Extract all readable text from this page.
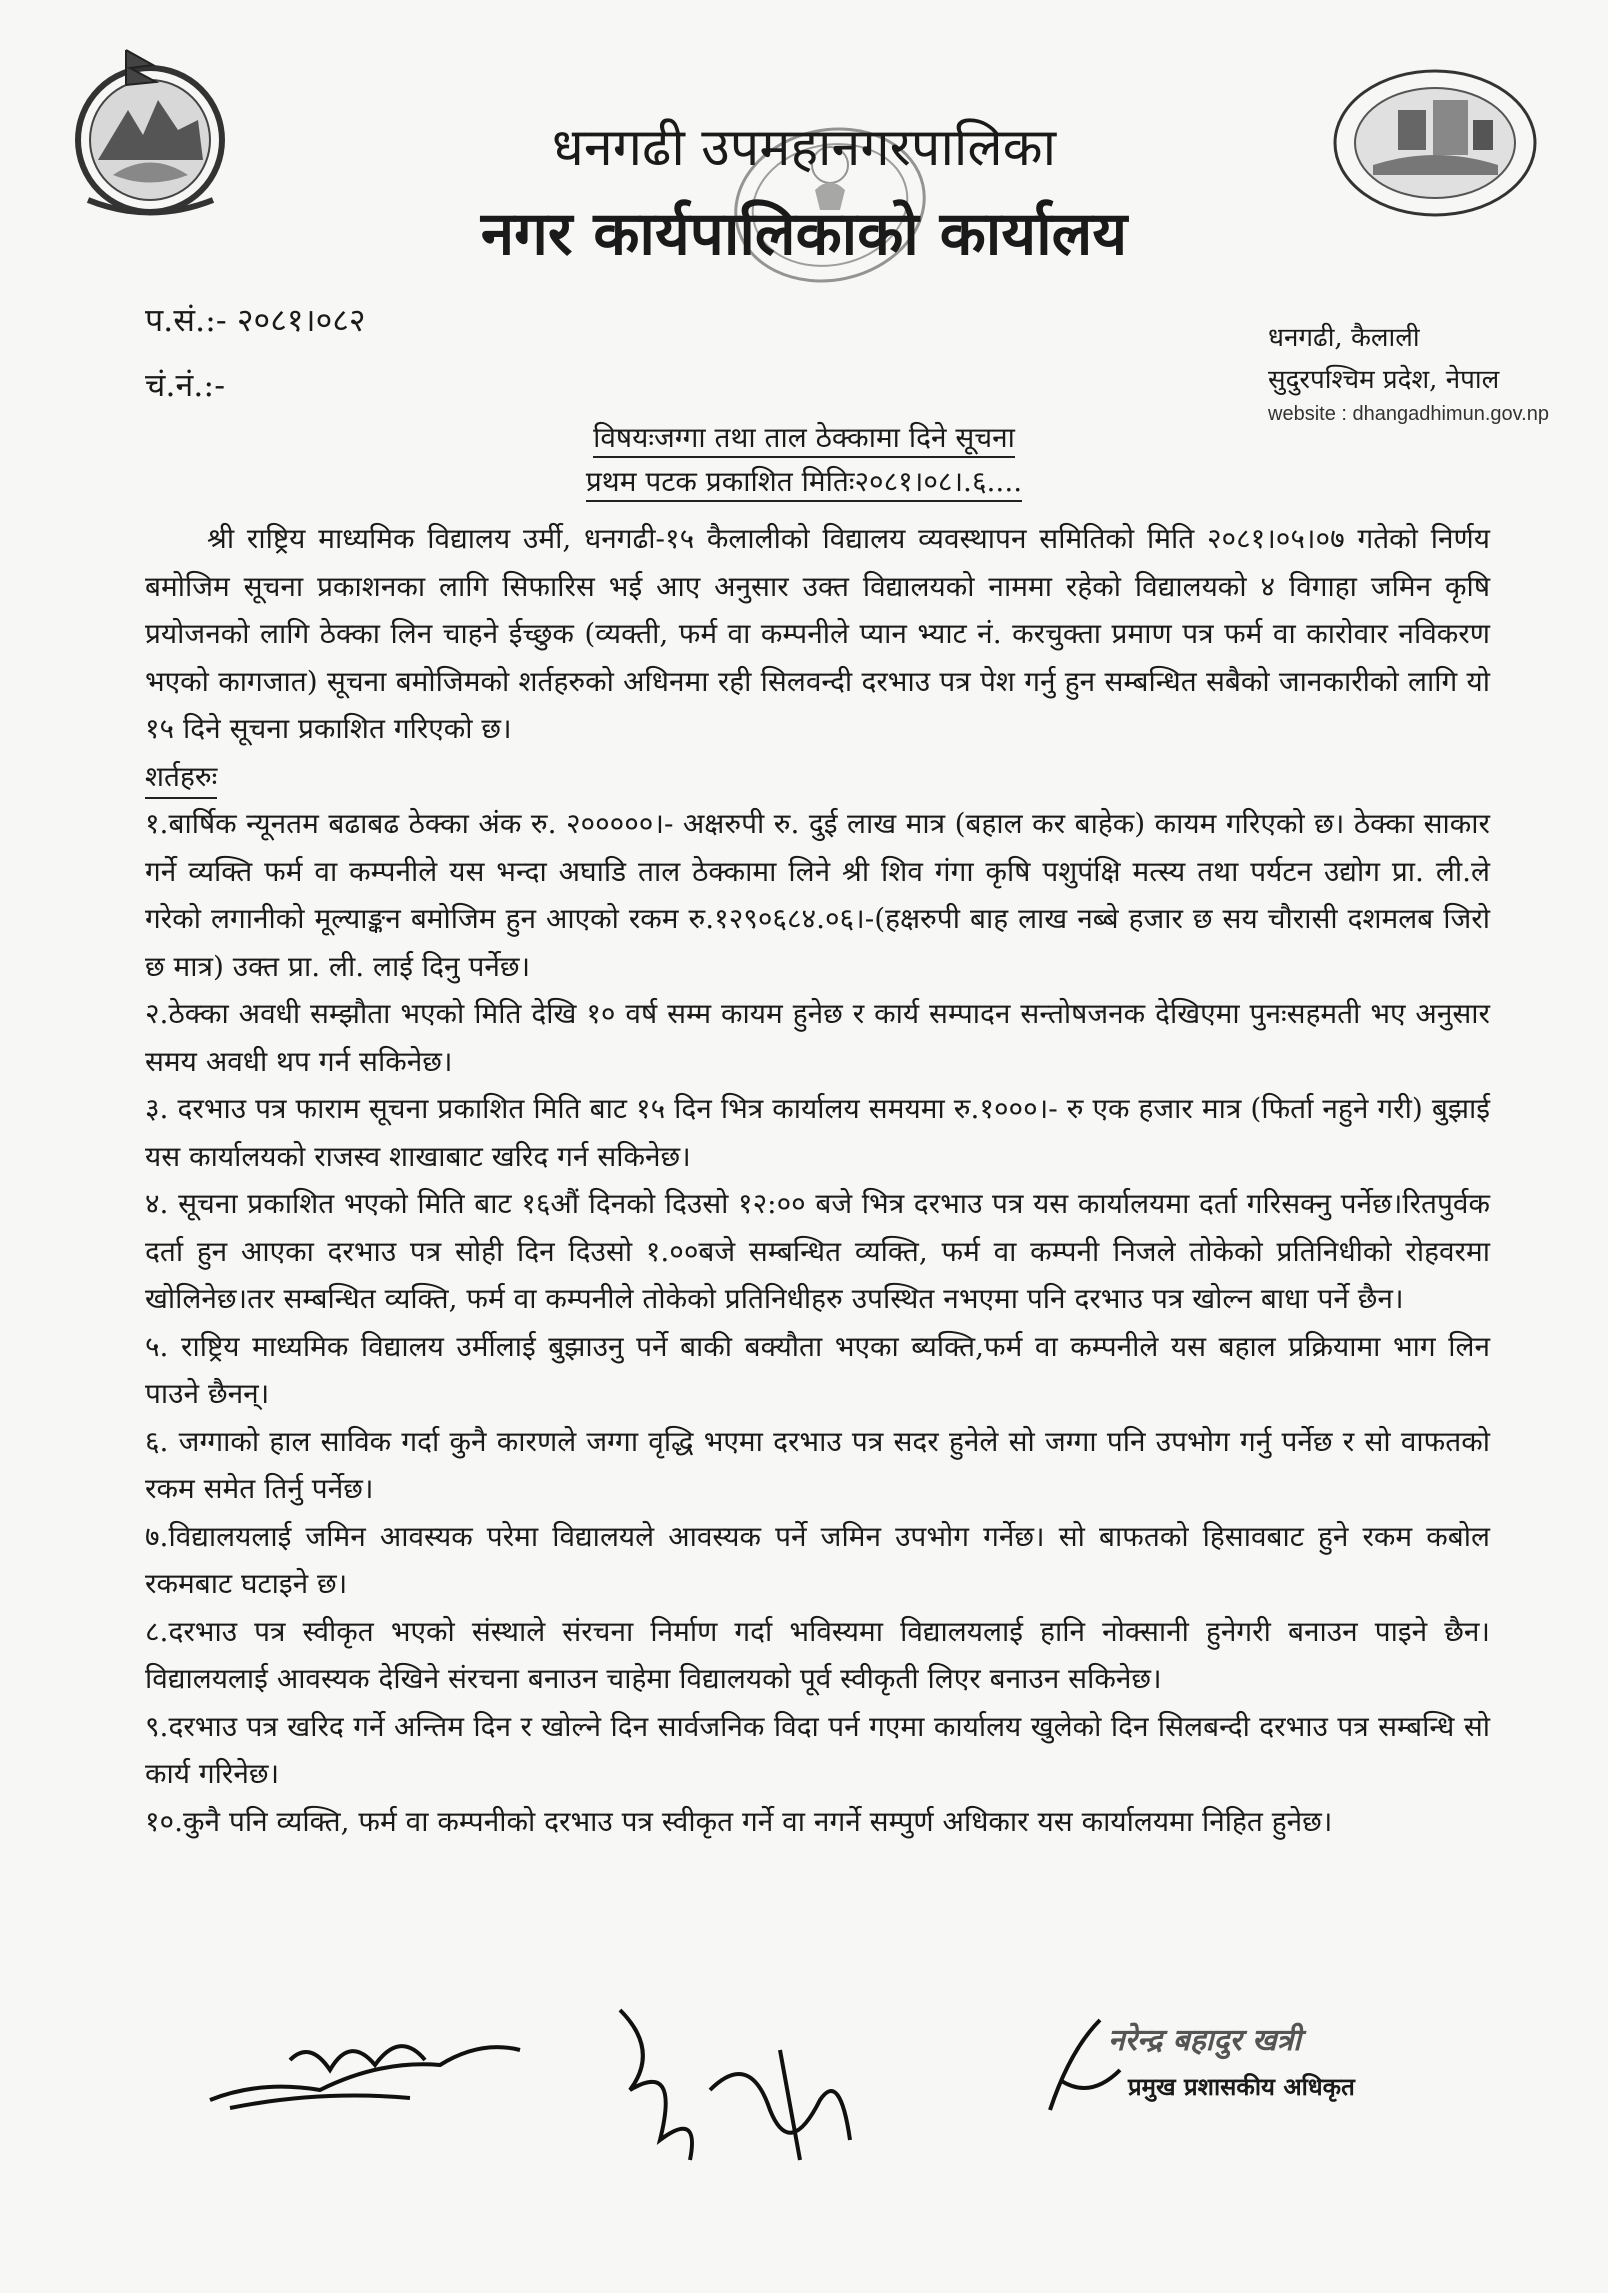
धनगढी उपमहानगरपालिका
नगर कार्यपालिकाको कार्यालय
प.सं.:- २०८१।०८२
चं.नं.:-
धनगढी, कैलाली
सुदुरपश्चिम प्रदेश, नेपाल
website : dhangadhimun.gov.np
विषयःजग्गा तथा ताल ठेक्कामा दिने सूचना
प्रथम पटक प्रकाशित मितिः२०८१।०८।.६....

श्री राष्ट्रिय माध्यमिक विद्यालय उर्मी, धनगढी-१५ कैलालीको विद्यालय व्यवस्थापन समितिको मिति २०८१।०५।०७ गतेको निर्णय बमोजिम सूचना प्रकाशनका लागि सिफारिस भई आए अनुसार उक्त विद्यालयको नाममा रहेको विद्यालयको ४ विगाहा जमिन कृषि प्रयोजनको लागि ठेक्का लिन चाहने ईच्छुक (व्यक्ती, फर्म वा कम्पनीले प्यान भ्याट नं. करचुक्ता प्रमाण पत्र फर्म वा कारोवार नविकरण भएको कागजात) सूचना बमोजिमको शर्तहरुको अधिनमा रही सिलवन्दी दरभाउ पत्र पेश गर्नु हुन सम्बन्धित सबैको जानकारीको लागि यो १५ दिने सूचना प्रकाशित गरिएको छ।

शर्तहरुः

१.बार्षिक न्यूनतम बढाबढ ठेक्का अंक रु. २०००००।- अक्षरुपी रु. दुई लाख मात्र (बहाल कर बाहेक) कायम गरिएको छ। ठेक्का साकार गर्ने व्यक्ति फर्म वा कम्पनीले यस भन्दा अघाडि ताल ठेक्कामा लिने श्री शिव गंगा कृषि पशुपंक्षि मत्स्य तथा पर्यटन उद्योग प्रा. ली.ले गरेको लगानीको मूल्याङ्कन बमोजिम हुन आएको रकम रु.१२९०६८४.०६।-(हक्षरुपी बाह लाख नब्बे हजार छ सय चौरासी दशमलब जिरो छ मात्र) उक्त प्रा. ली. लाई दिनु पर्नेछ।

२.ठेक्का अवधी सम्झौता भएको मिति देखि १० वर्ष सम्म कायम हुनेछ र कार्य सम्पादन सन्तोषजनक देखिएमा पुनःसहमती भए अनुसार समय अवधी थप गर्न सकिनेछ।

३. दरभाउ पत्र फाराम सूचना प्रकाशित मिति बाट १५ दिन भित्र कार्यालय समयमा रु.१०००।- रु एक हजार मात्र (फिर्ता नहुने गरी) बुझाई यस कार्यालयको राजस्व शाखाबाट खरिद गर्न सकिनेछ।

४. सूचना प्रकाशित भएको मिति बाट १६औं दिनको दिउसो १२:०० बजे भित्र दरभाउ पत्र यस कार्यालयमा दर्ता गरिसक्नु पर्नेछ।रितपुर्वक दर्ता हुन आएका दरभाउ पत्र सोही दिन दिउसो १.००बजे सम्बन्धित व्यक्ति, फर्म वा कम्पनी निजले तोकेको प्रतिनिधीको रोहवरमा खोलिनेछ।तर सम्बन्धित व्यक्ति, फर्म वा कम्पनीले तोकेको प्रतिनिधीहरु उपस्थित नभएमा पनि दरभाउ पत्र खोल्न बाधा पर्ने छैन।

५. राष्ट्रिय माध्यमिक विद्यालय उर्मीलाई बुझाउनु पर्ने बाकी बक्यौता भएका ब्यक्ति,फर्म वा कम्पनीले यस बहाल प्रक्रियामा भाग लिन पाउने छैनन्।

६. जग्गाको हाल साविक गर्दा कुनै कारणले जग्गा वृद्धि भएमा दरभाउ पत्र सदर हुनेले सो जग्गा पनि उपभोग गर्नु पर्नेछ र सो वाफतको रकम समेत तिर्नु पर्नेछ।

७.विद्यालयलाई जमिन आवस्यक परेमा विद्यालयले आवस्यक पर्ने जमिन उपभोग गर्नेछ। सो बाफतको हिसावबाट हुने रकम कबोल रकमबाट घटाइने छ।

८.दरभाउ पत्र स्वीकृत भएको संस्थाले संरचना निर्माण गर्दा भविस्यमा विद्यालयलाई हानि नोक्सानी हुनेगरी बनाउन पाइने छैन। विद्यालयलाई आवस्यक देखिने संरचना बनाउन चाहेमा विद्यालयको पूर्व स्वीकृती लिएर बनाउन सकिनेछ।

९.दरभाउ पत्र खरिद गर्ने अन्तिम दिन र खोल्ने दिन सार्वजनिक विदा पर्न गएमा कार्यालय खुलेको दिन सिलबन्दी दरभाउ पत्र सम्बन्धि सो कार्य गरिनेछ।

१०.कुनै पनि व्यक्ति, फर्म वा कम्पनीको दरभाउ पत्र स्वीकृत गर्ने वा नगर्ने सम्पुर्ण अधिकार यस कार्यालयमा निहित हुनेछ।

नरेन्द्र बहादुर खत्री
प्रमुख प्रशासकीय अधिकृत
